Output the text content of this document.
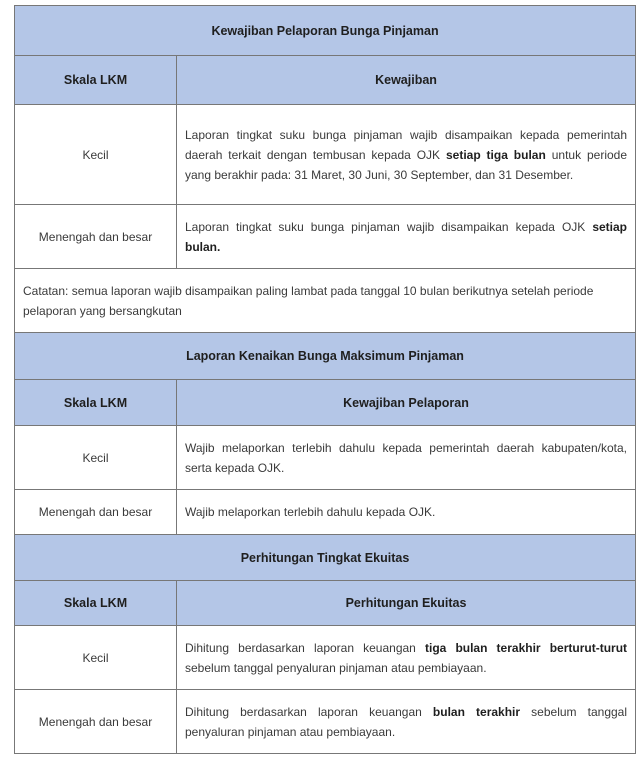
Kewajiban Pelaporan Bunga Pinjaman	
Skala LKM	Kewajiban
Kecil	Laporan tingkat suku bunga pinjaman wajib disampaikan kepada pemerintah daerah terkait dengan tembusan kepada OJK setiap tiga bulan untuk periode yang berakhir pada: 31 Maret, 30 Juni, 30 September, dan 31 Desember.
Menengah dan besar	Laporan tingkat suku bunga pinjaman wajib disampaikan kepada OJK setiap bulan.
Catatan: semua laporan wajib disampaikan paling lambat pada tanggal 10 bulan berikutnya setelah periode pelaporan yang bersangkutan	
Laporan Kenaikan Bunga Maksimum Pinjaman	
Skala LKM	Kewajiban Pelaporan
Kecil	Wajib melaporkan terlebih dahulu kepada pemerintah daerah kabupaten/kota, serta kepada OJK.
Menengah dan besar	Wajib melaporkan terlebih dahulu kepada OJK.
Perhitungan Tingkat Ekuitas	
Skala LKM	Perhitungan Ekuitas
Kecil	Dihitung berdasarkan laporan keuangan tiga bulan terakhir berturut-turut sebelum tanggal penyaluran pinjaman atau pembiayaan.
Menengah dan besar	Dihitung berdasarkan laporan keuangan bulan terakhir sebelum tanggal penyaluran pinjaman atau pembiayaan.
